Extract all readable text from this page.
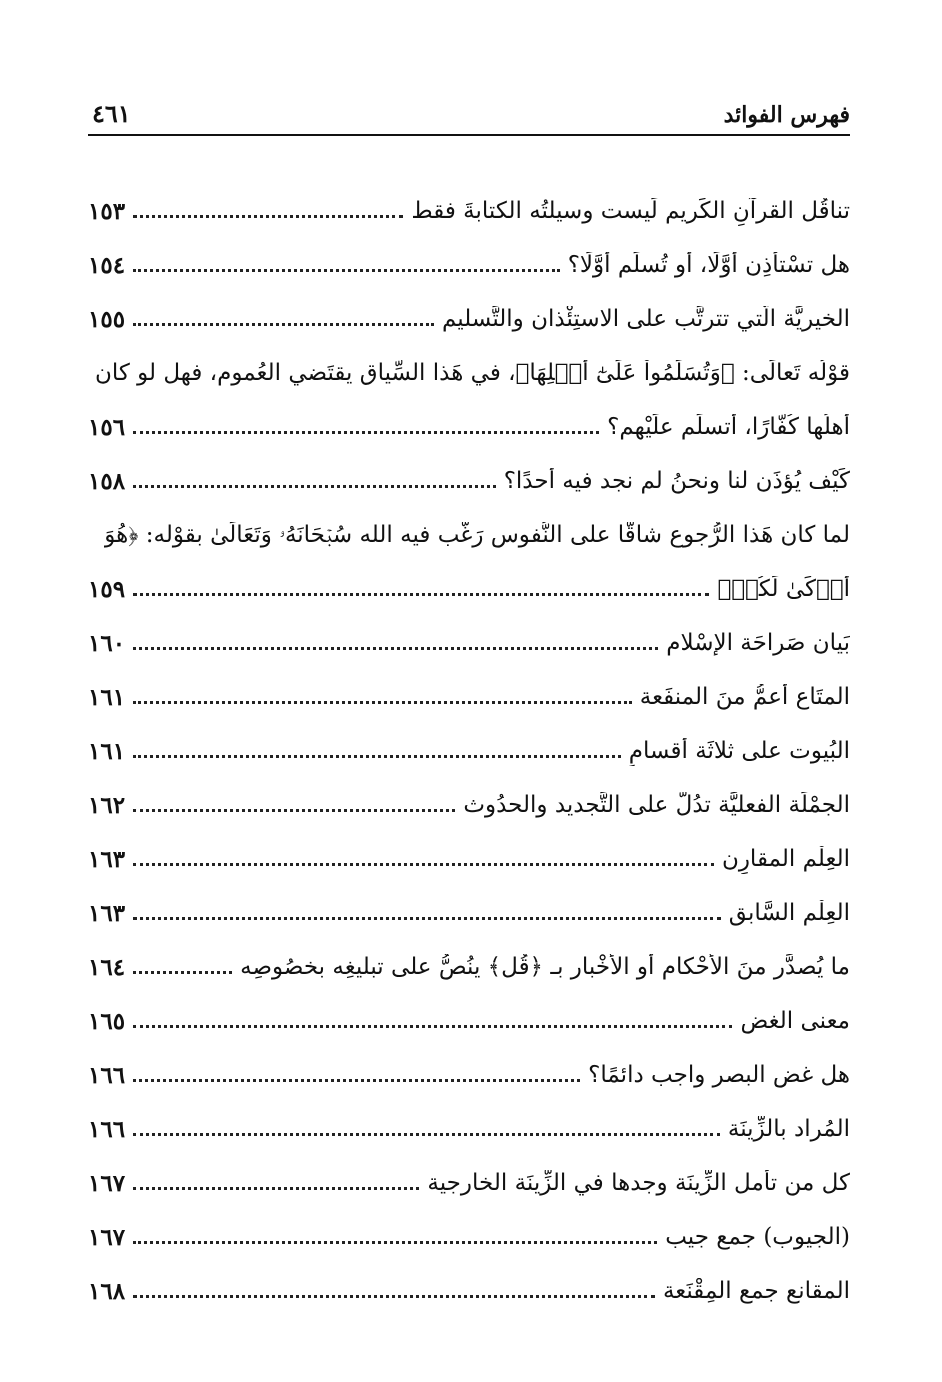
فهرس الفوائد
٤٦١
تناقُل القرآنِ الكَريم لَيست وسيلتُه الكتابةَ فقط
١٥٣
هل تسْتأذِن أوَّلًا، أو تُسلِّم أوَّلًا؟
١٥٤
الخيريَّة الَّتي تترتَّب على الاستِئْذان والتَّسليم
١٥٥
قوْلُه تَعالَى: ﴿وَتُسَلِّمُواْ عَلَىٰٓ أَهۡلِهَا﴾، في هَذا السِّياق يقتَضي العُموم، فهل لو كان
أهلُها كُفَّارًا، أتسلِّم علَيْهم؟
١٥٦
كَيْف يُؤذَن لنا ونحنُ لم نجد فيه أحدًا؟
١٥٨
لما كان هَذا الرُّجوع شاقًّا على النُّفوس رَغَّب فيه الله سُبۡحَانَهُۥ وَتَعَالَىٰ بقوْله: ﴿هُوَ
أَزۡكَىٰ لَكُمۡ﴾
١٥٩
بَيان صَراحَة الإسْلام
١٦٠
المتَاع أعمُّ منَ المنفَعة
١٦١
البُيوت على ثلاثَة أقسامٍ
١٦١
الجمْلَة الفعليَّة تدُلُّ على التَّجديد والحدُوث
١٦٢
العِلْم المقارِن
١٦٣
العِلْم السَّابق
١٦٣
ما يُصدَّر منَ الأحْكام أو الأَخْبار بـ ﴿قُل﴾ ينُصُّ على تبليغِه بخصُوصِه
١٦٤
معنى الغض
١٦٥
هل غض البصر واجب دائمًا؟
١٦٦
المُراد بالزِّينَة
١٦٦
كل من تأمل الزِّينَة وجدها في الزِّينَة الخارجية
١٦٧
(الجيوب) جمع جيب
١٦٧
المقانع جمع المِقْنَعة
١٦٨
